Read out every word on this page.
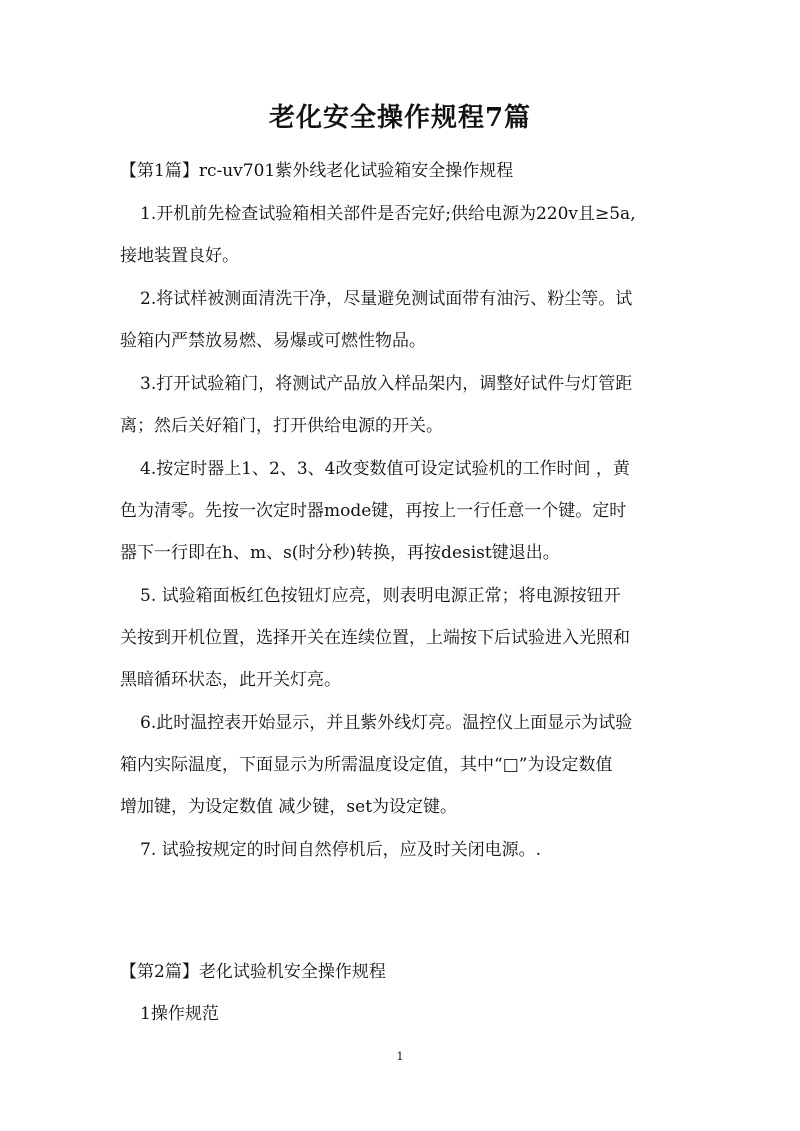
老化安全操作规程7篇
【第1篇】rc-uv701紫外线老化试验箱安全操作规程
1.开机前先检查试验箱相关部件是否完好;供给电源为220v且≥5a,
接地装置良好。
2.将试样被测面清洗干净，尽量避免测试面带有油污、粉尘等。试
验箱内严禁放易燃、易爆或可燃性物品。
3.打开试验箱门，将测试产品放入样品架内，调整好试件与灯管距
离；然后关好箱门，打开供给电源的开关。
4.按定时器上1、2、3、4改变数值可设定试验机的工作时间 ，黄
色为清零。先按一次定时器mode键，再按上一行任意一个键。定时
器下一行即在h、m、s(时分秒)转换，再按desist键退出。
5. 试验箱面板红色按钮灯应亮，则表明电源正常；将电源按钮开
关按到开机位置，选择开关在连续位置，上端按下后试验进入光照和
黑暗循环状态，此开关灯亮。
6.此时温控表开始显示，并且紫外线灯亮。温控仪上面显示为试验
箱内实际温度，下面显示为所需温度设定值，其中“□”为设定数值
增加键，为设定数值 减少键，set为设定键。
7. 试验按规定的时间自然停机后，应及时关闭电源。.
【第2篇】老化试验机安全操作规程
1操作规范
1
